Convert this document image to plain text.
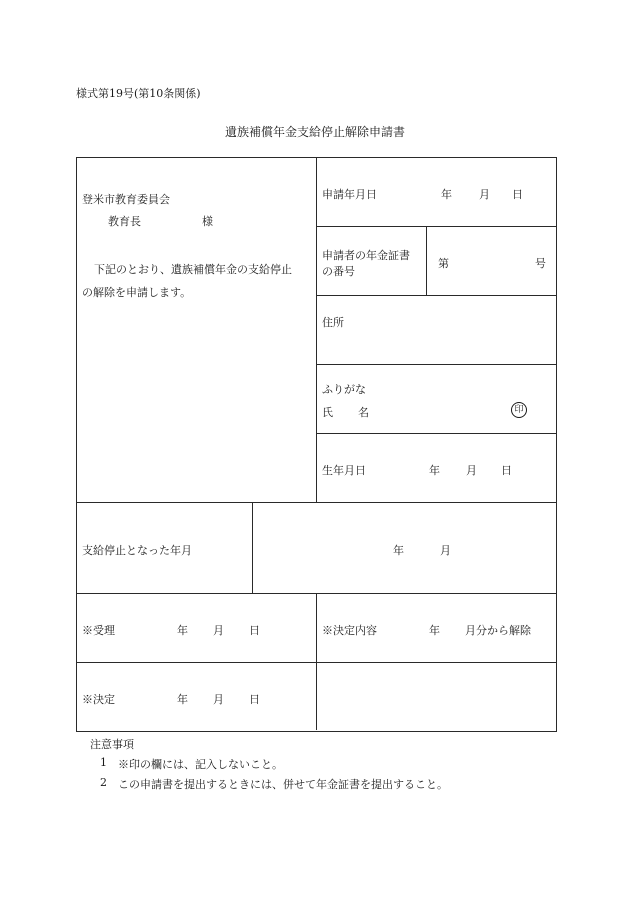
様式第19号(第10条関係)
遺族補償年金支給停止解除申請書
登米市教育委員会
教育長	様
下記のとおり、遺族補償年金の支給停止
の解除を申請します。
申請年月日	年 月 日
申請者の年金証書
の番号
第	号
住所
ふりがな
氏 名	印
生年月日	年 月 日
支給停止となった年月	年	月
※受理	年 月 日	※決定内容	年 月分から解除
※決定	年 月 日
注意事項
1 ※印の欄には、記入しないこと。
2 この申請書を提出するときには、併せて年金証書を提出すること。
